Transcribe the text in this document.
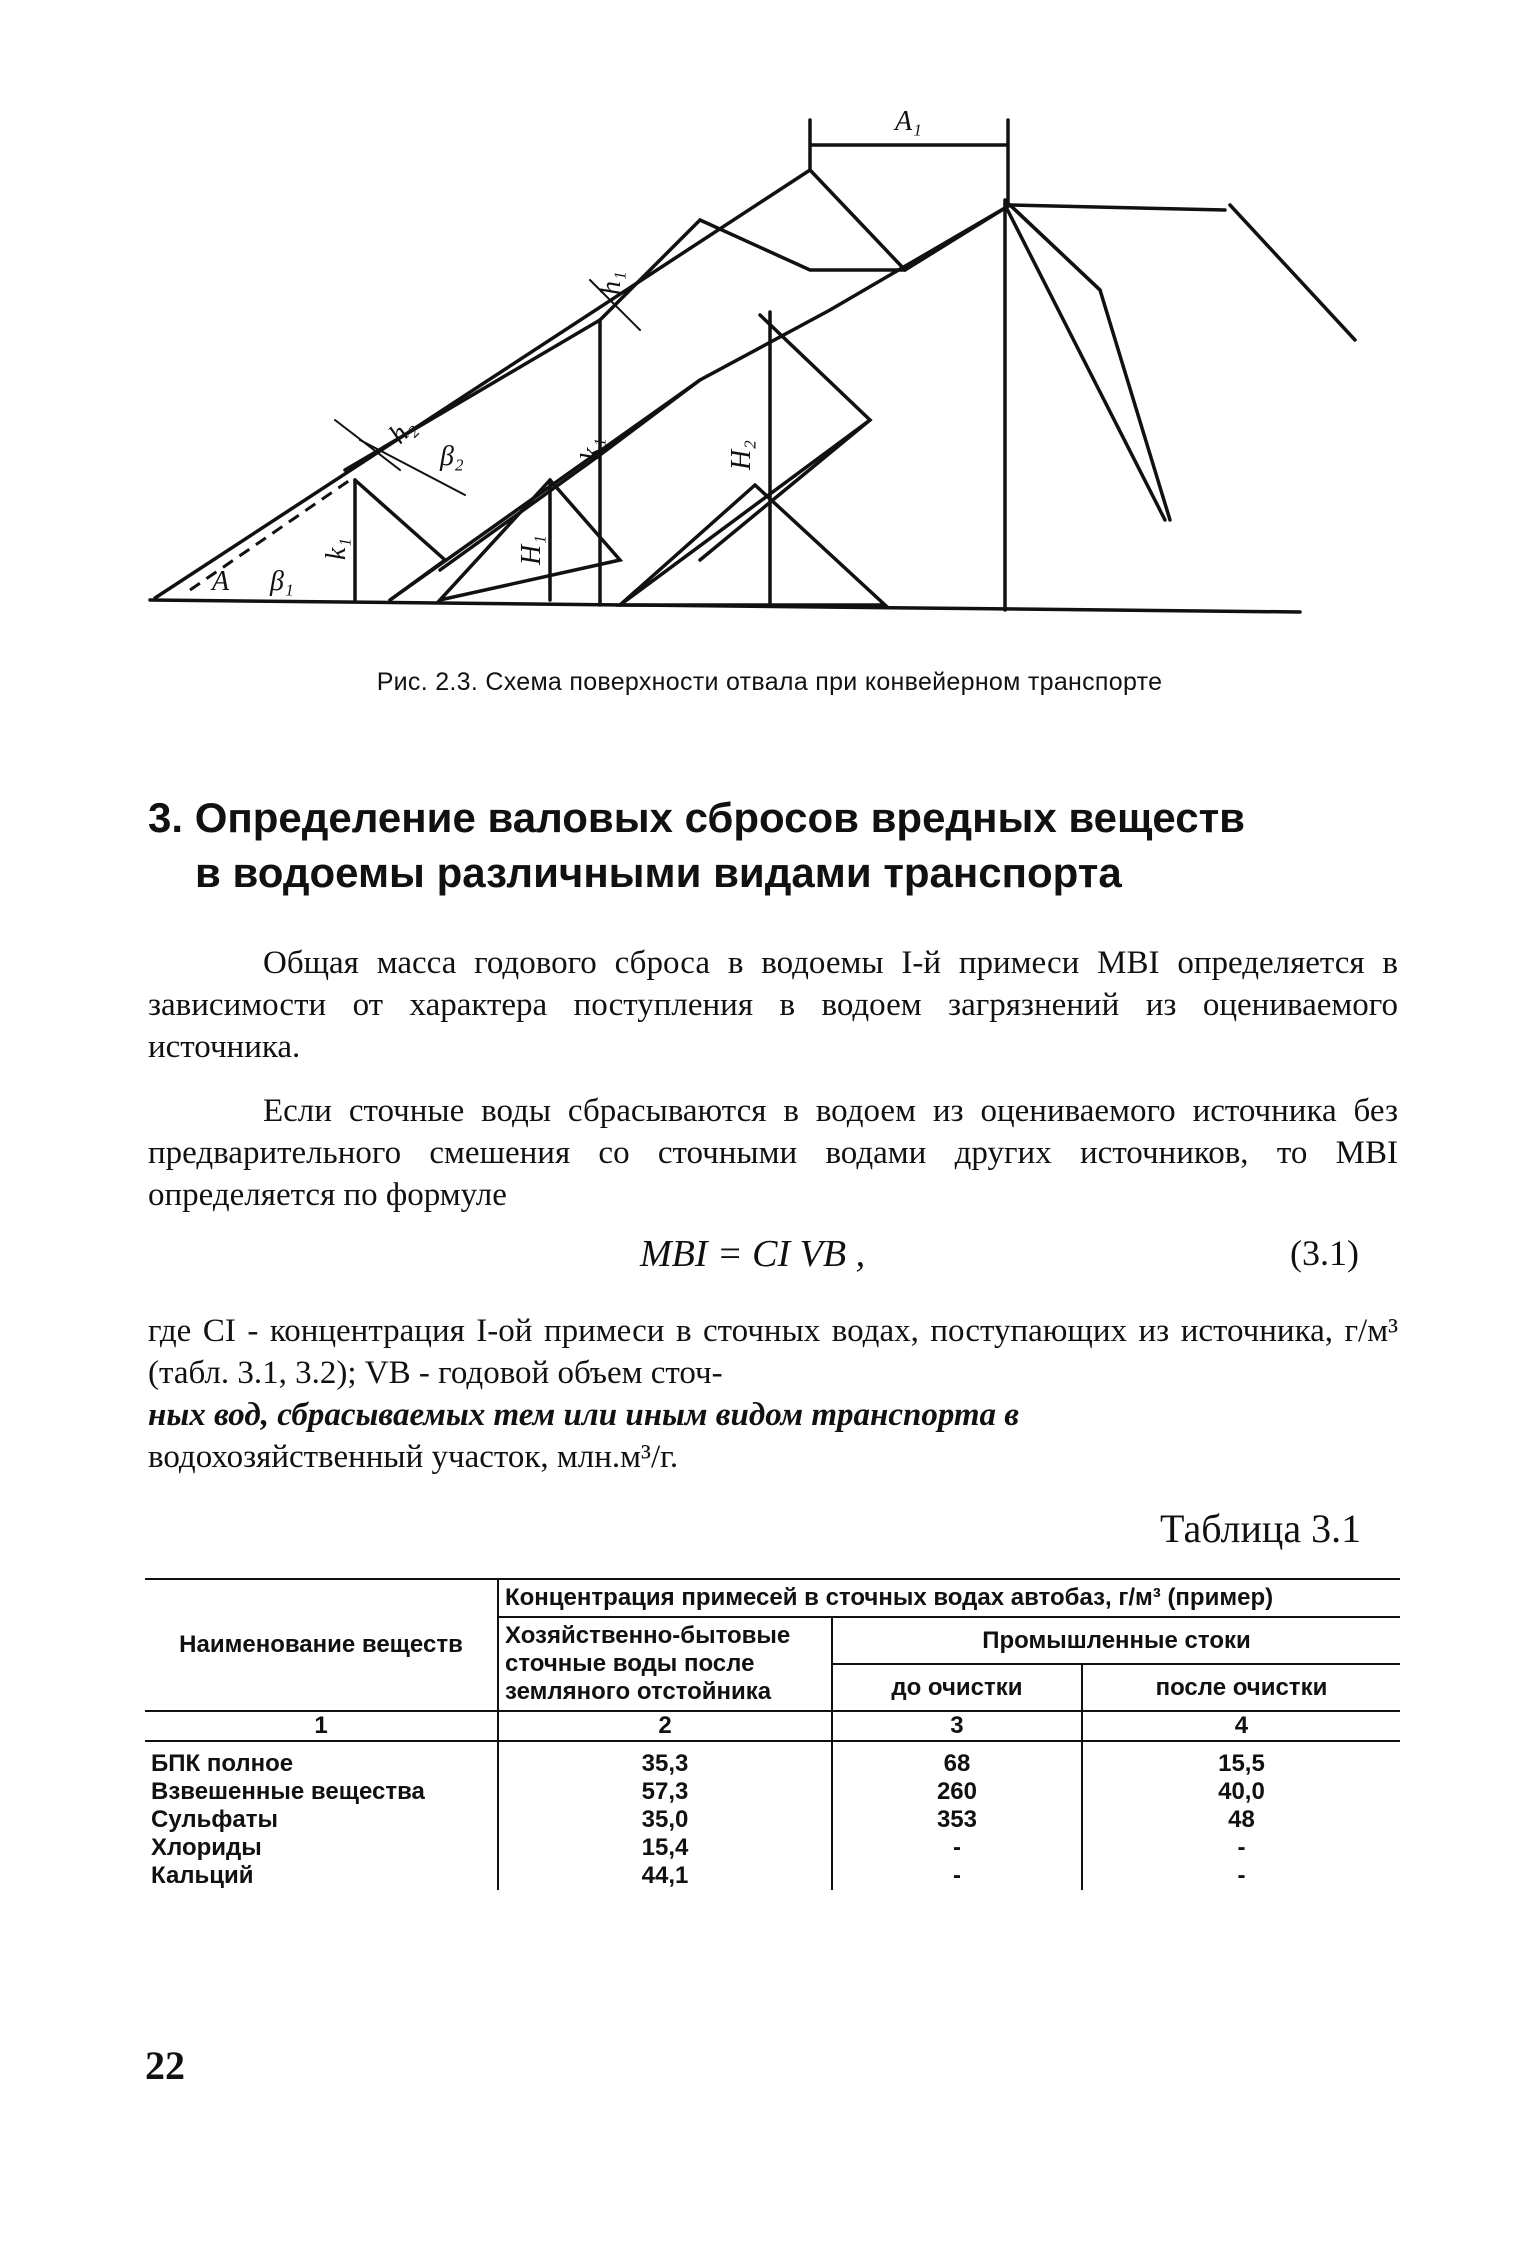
A₁
h₁
k₁	H₂
H₁
k₁
h₂
β₂
A β₁
Рис. 2.3. Схема поверхности отвала при конвейерном транспорте
3. Определение валовых сбросов вредных веществ
в водоемы различными видами транспорта

Общая масса годового сброса в водоемы I-й примеси MBI определяется в зависимости от характера поступления в водоем загрязнений из оцениваемого источника.

Если сточные воды сбрасываются в водоем из оцениваемого источника без предварительного смешения со сточными водами других источников, то MBI определяется по формуле

MBI = CI VB ,	(3.1)

где CI - концентрация I-ой примеси в сточных водах, поступающих из источника, г/м³ (табл. 3.1, 3.2); VB - годовой объем сточ-

ных вод, сбрасываемых тем или иным видом транспорта в

водохозяйственный участок, млн.м³/г.

Таблица 3.1
Наименование веществ	Концентрация примесей в сточных водах автобаз, г/м³ (пример)		
	Хозяйственно-бытовые сточные воды после земляного отстойника	Промышленные стоки	
		до очистки	после очистки
1	2	3	4
БПК полное	35,3	68	15,5
Взвешенные вещества	57,3	260	40,0
Сульфаты	35,0	353	48
Хлориды	15,4	-	-
Кальций	44,1	-	-
22
